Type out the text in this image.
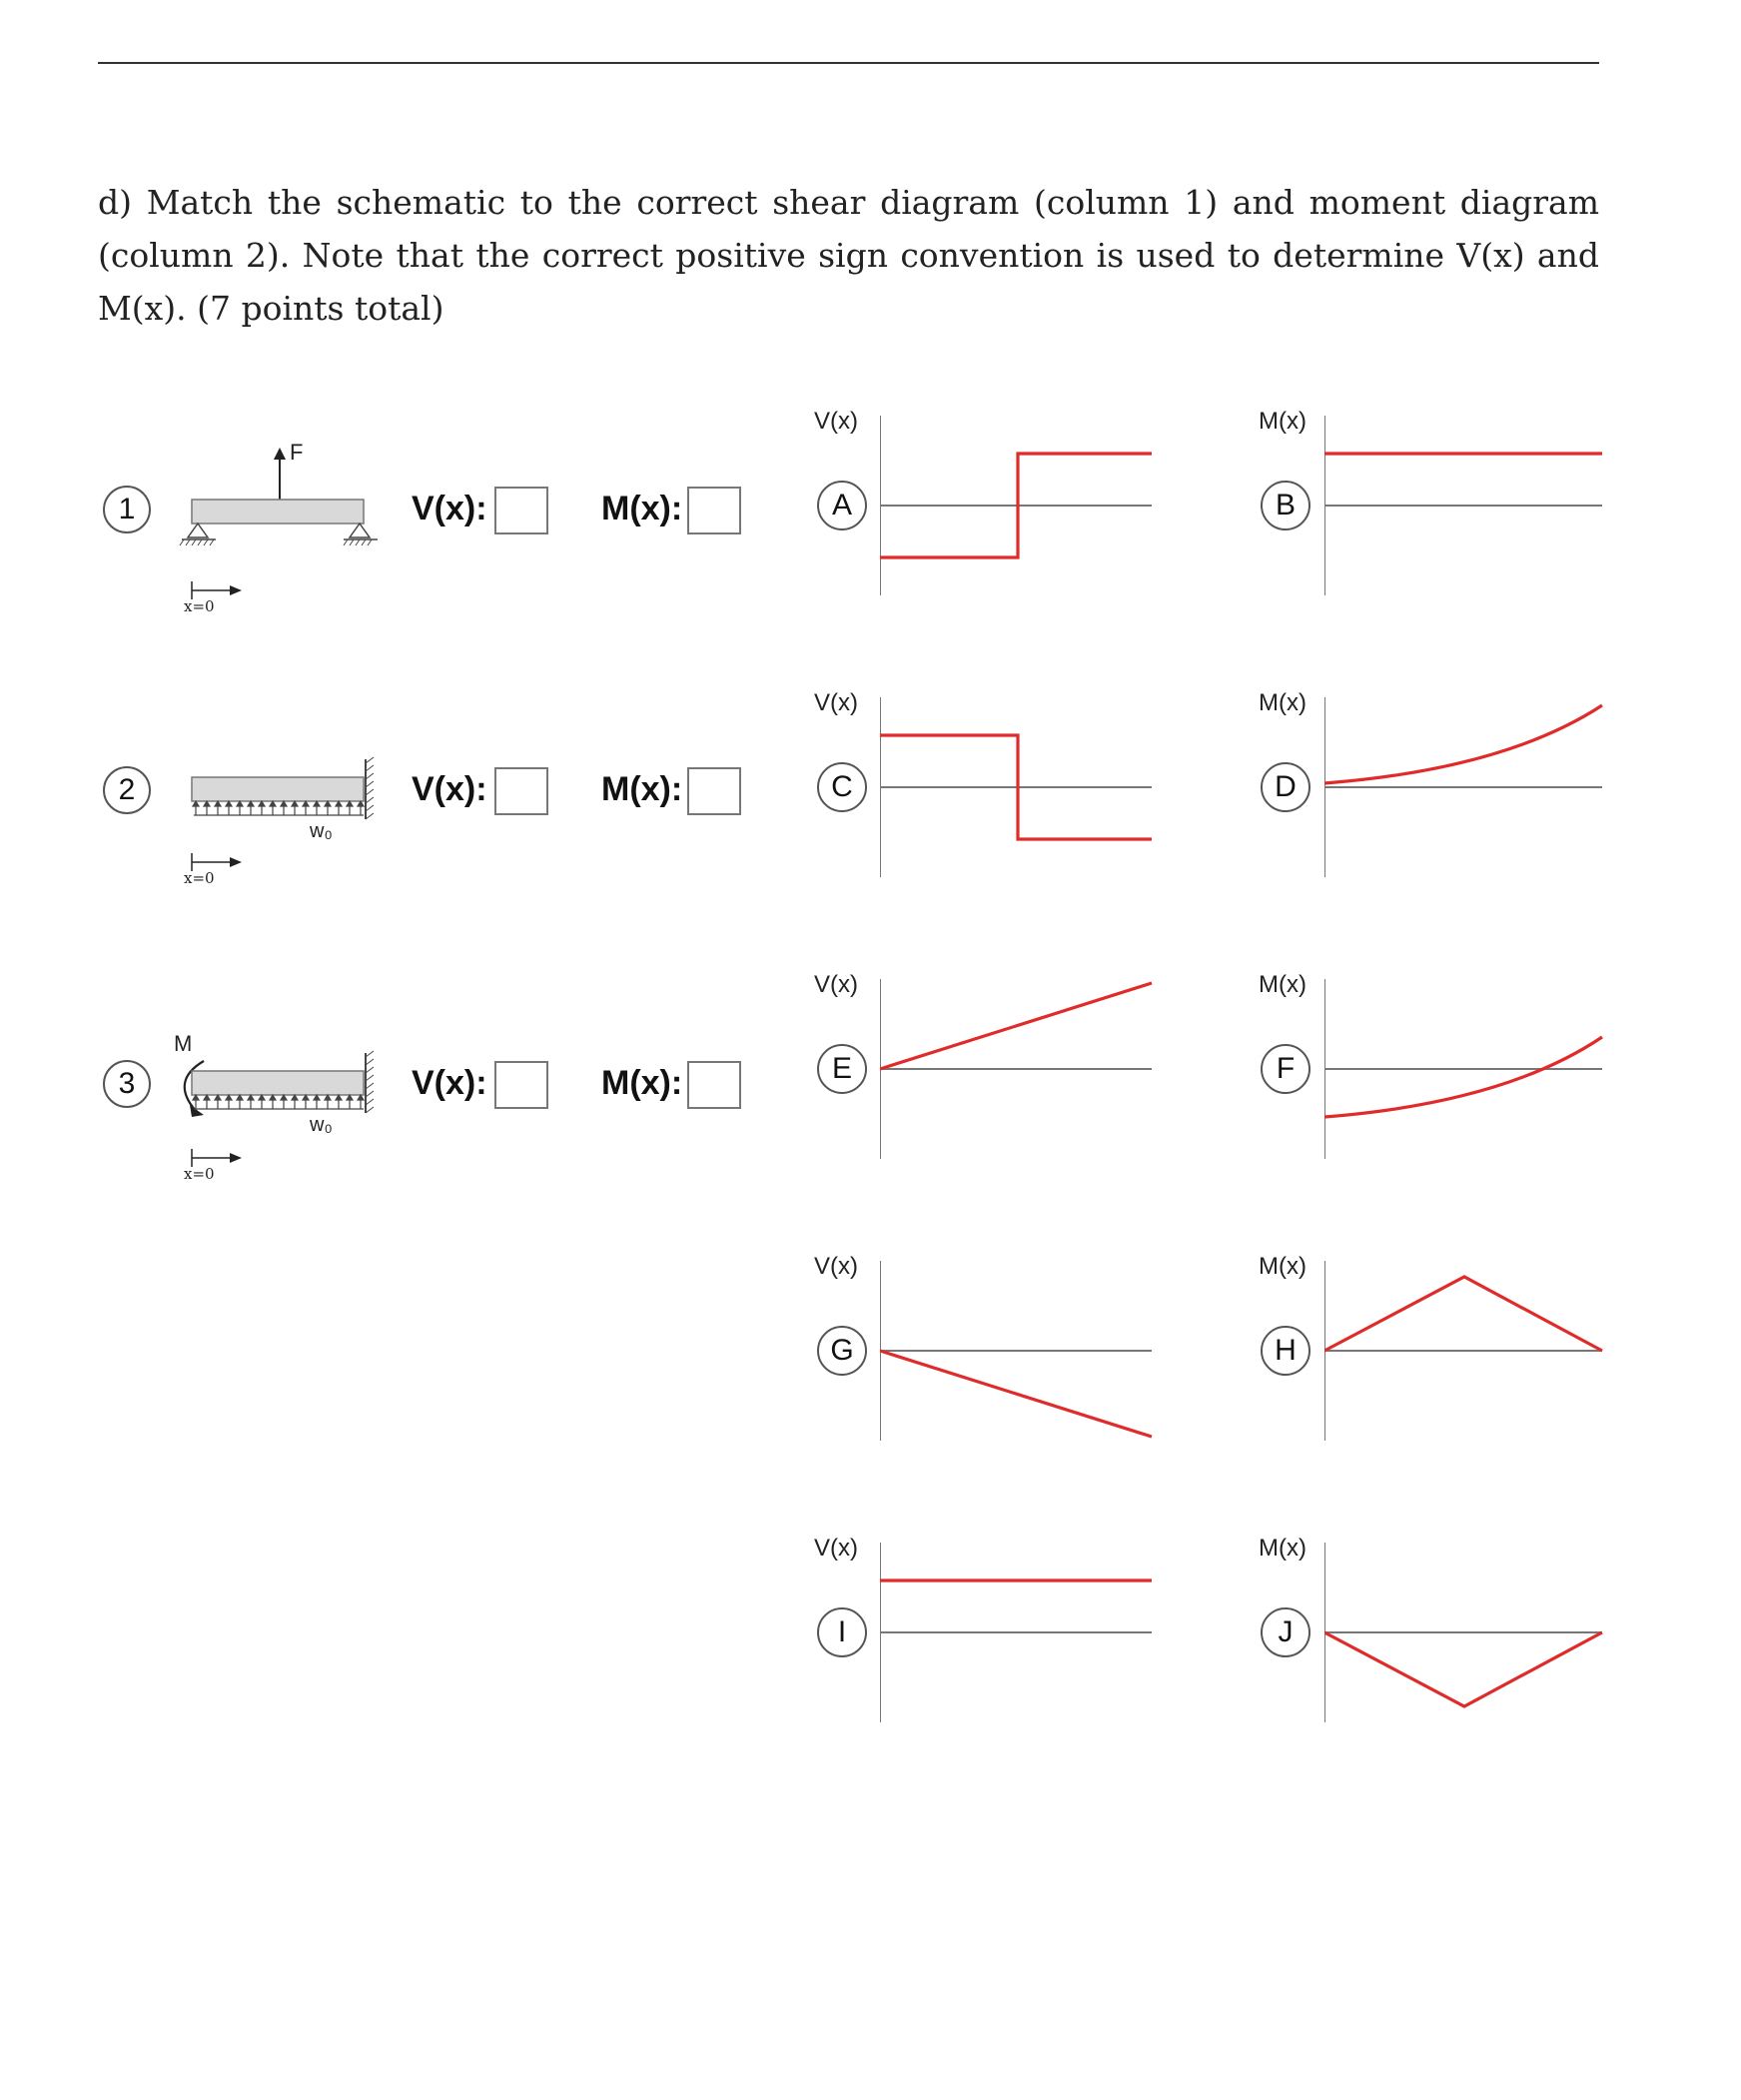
d) Match the schematic to the correct shear diagram (column 1) and moment diagram (column 2). Note that the correct positive sign convention is used to determine V(x) and M(x). (7 points total)
1
F
x=0
V(x):	M(x):
2
w₀
x=0
V(x):	M(x):
3
M
w₀
x=0
V(x):	M(x):
V(x)
A
V(x)
C
V(x)
E
V(x)
G
V(x)
I
M(x)
B
M(x)
D
M(x)
F
M(x)
H
M(x)
J
